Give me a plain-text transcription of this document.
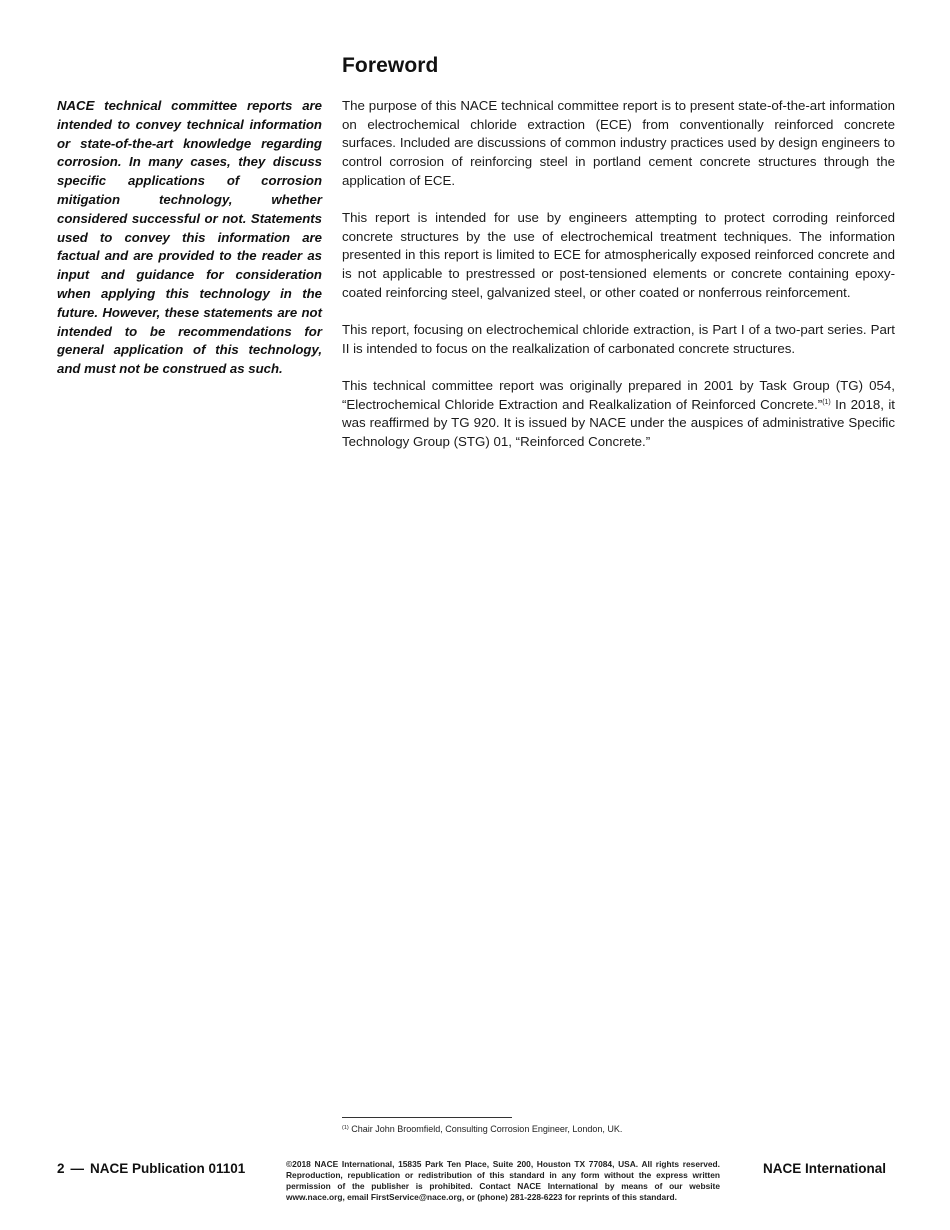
Foreword

NACE technical committee reports are intended to convey technical information or state-of-the-art knowledge regarding corrosion. In many cases, they discuss specific applications of corrosion mitigation technology, whether considered successful or not. Statements used to convey this information are factual and are provided to the reader as input and guidance for consideration when applying this technology in the future. However, these statements are not intended to be recommendations for general application of this technology, and must not be construed as such.

The purpose of this NACE technical committee report is to present state-of-the-art information on electrochemical chloride extraction (ECE) from conventionally reinforced concrete surfaces. Included are discussions of common industry practices used by design engineers to control corrosion of reinforcing steel in portland cement concrete structures through the application of ECE.

This report is intended for use by engineers attempting to protect corroding reinforced concrete structures by the use of electrochemical treatment techniques. The information presented in this report is limited to ECE for atmospherically exposed reinforced concrete and is not applicable to prestressed or post-tensioned elements or concrete containing epoxy-coated reinforcing steel, galvanized steel, or other coated or nonferrous reinforcement.

This report, focusing on electrochemical chloride extraction, is Part I of a two-part series. Part II is intended to focus on the realkalization of carbonated concrete structures.

This technical committee report was originally prepared in 2001 by Task Group (TG) 054, “Electrochemical Chloride Extraction and Realkalization of Reinforced Concrete.”$^{(1)}$ In 2018, it was reaffirmed by TG 920. It is issued by NACE under the auspices of administrative Specific Technology Group (STG) 01, “Reinforced Concrete.”

$^{(1)}$ Chair John Broomfield, Consulting Corrosion Engineer, London, UK.
2 — NACE Publication 01101	©2018 NACE International, 15835 Park Ten Place, Suite 200, Houston TX 77084, USA. All rights reserved. Reproduction, republication or redistribution of this standard in any form without the express written permission of the publisher is prohibited. Contact NACE International by means of our website www.nace.org, email FirstService@nace.org, or (phone) 281-228-6223 for reprints of this standard.
NACE International
